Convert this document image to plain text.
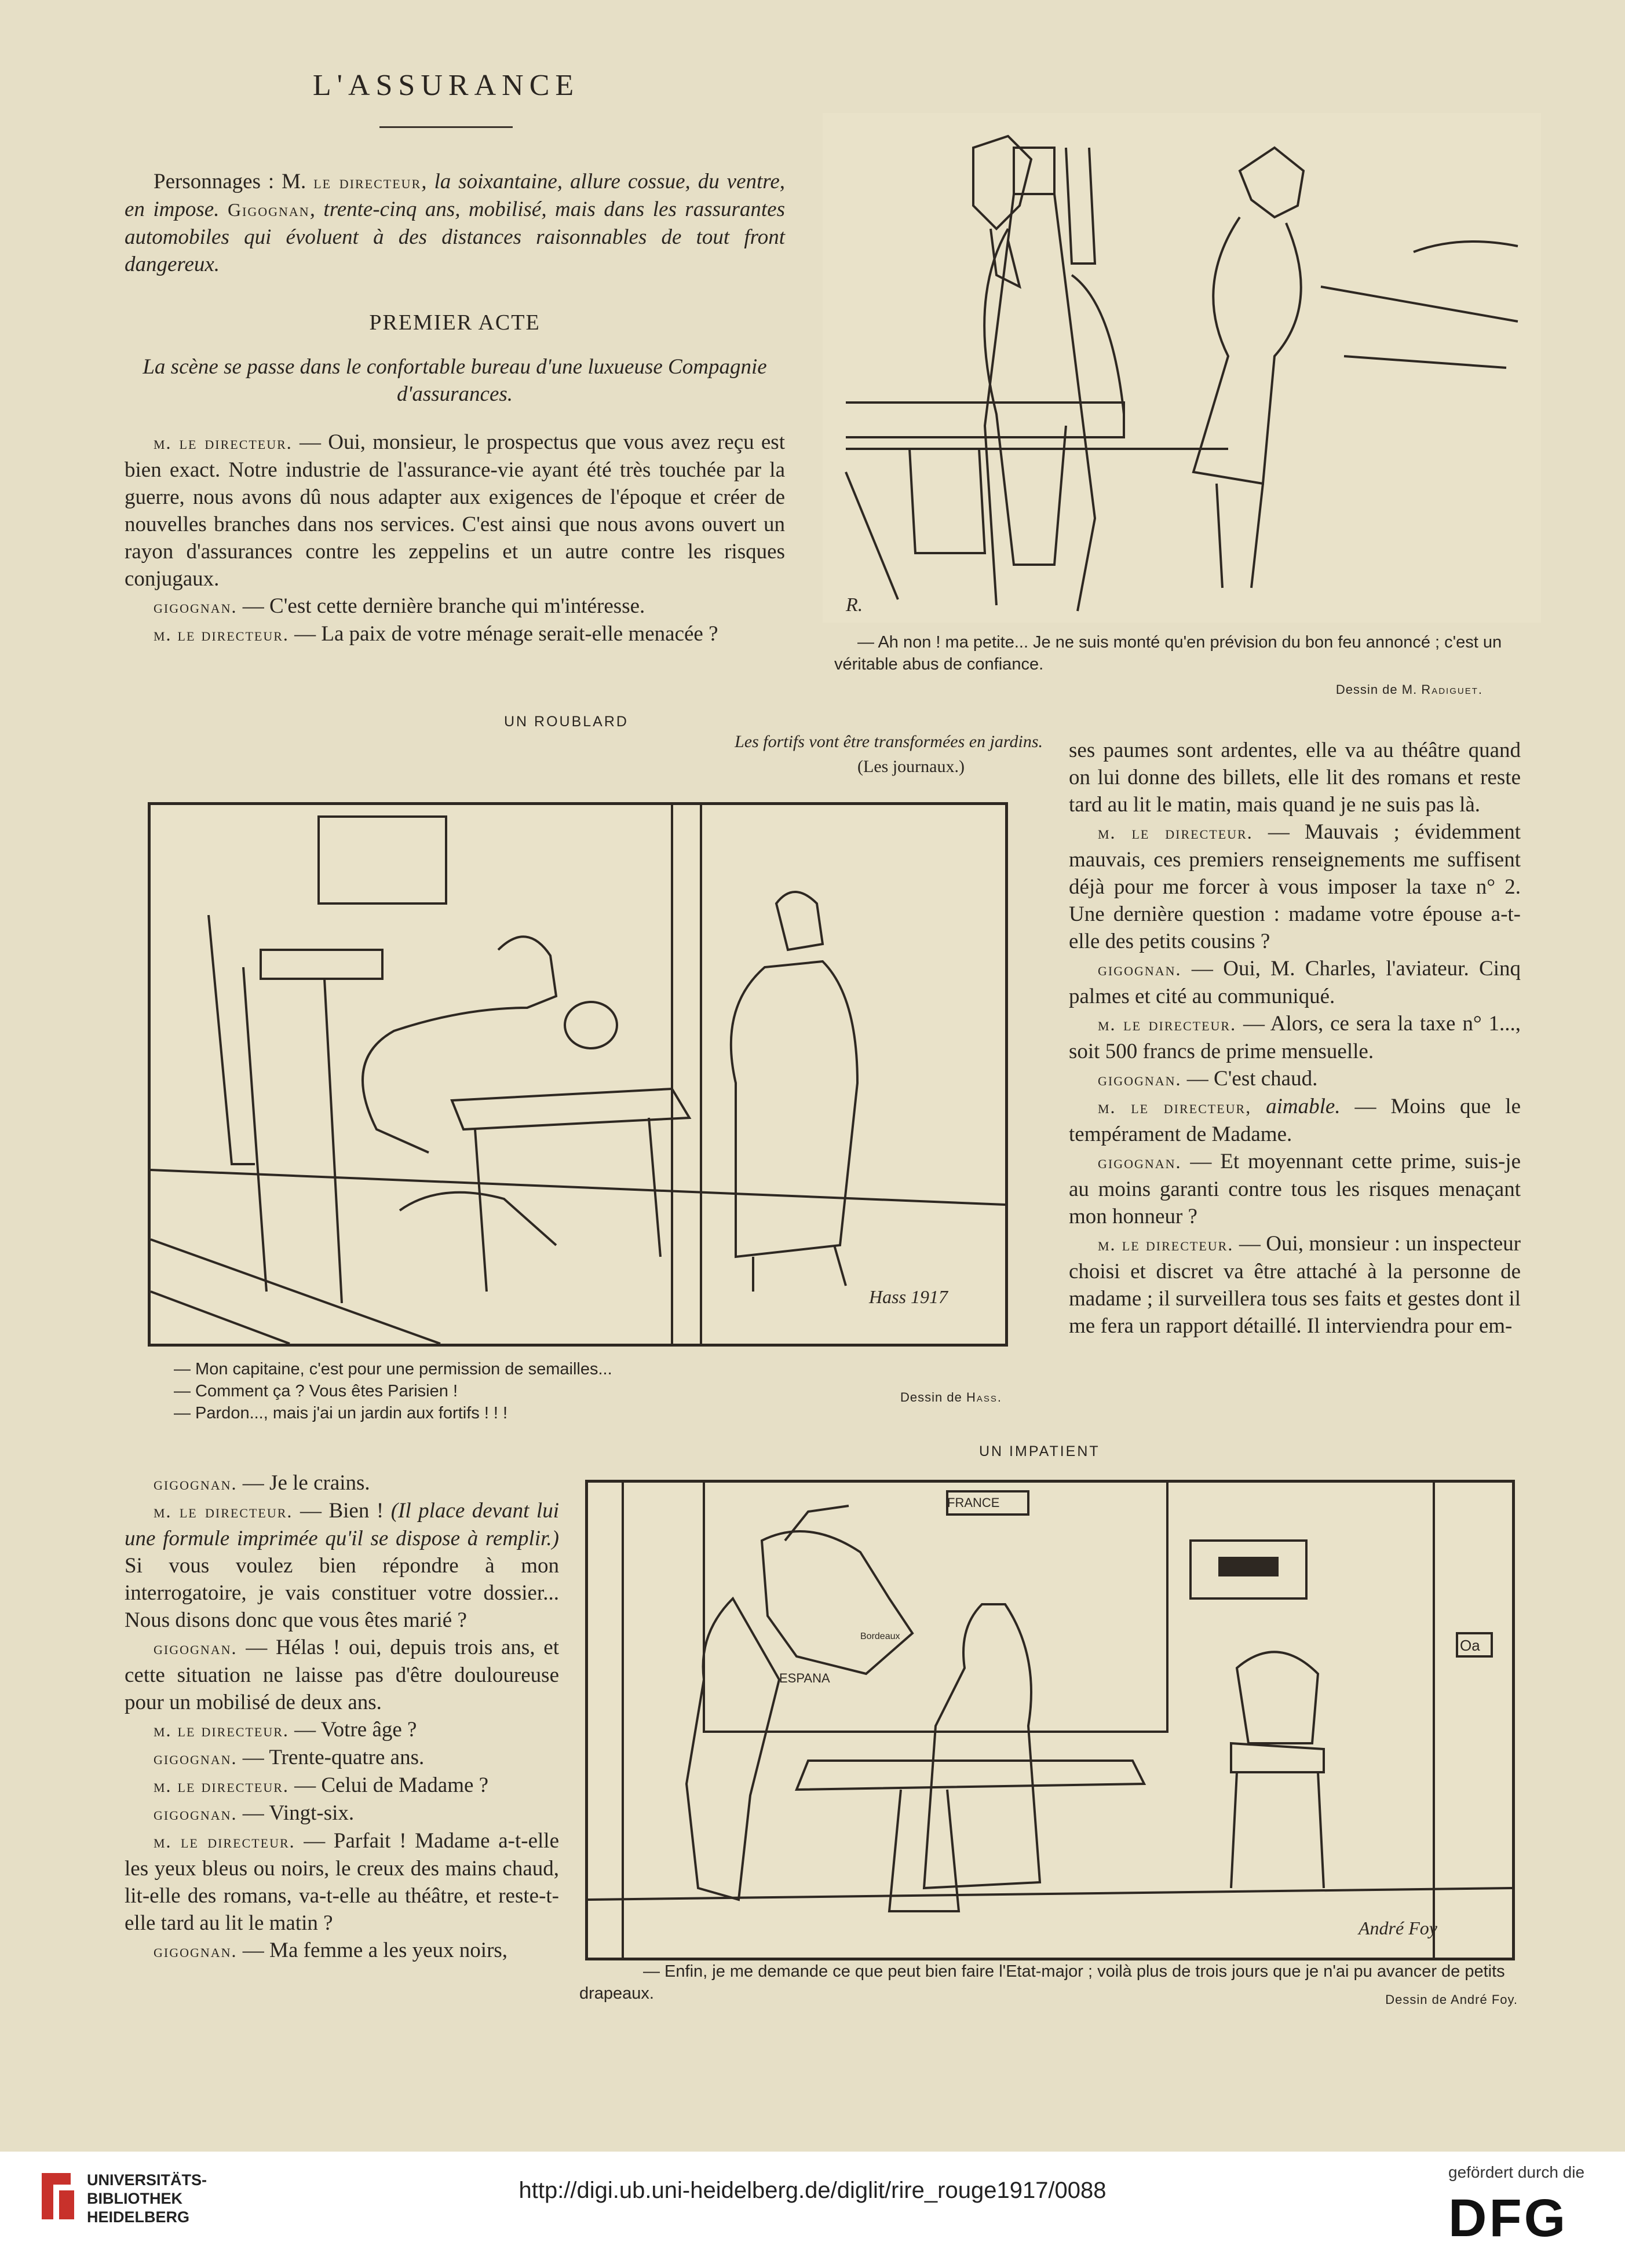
L'ASSURANCE

Personnages : M. le directeur, la soixantaine, allure cossue, du ventre, en impose. Gigognan, trente-cinq ans, mobilisé, mais dans les rassurantes automobiles qui évoluent à des distances raisonnables de tout front dangereux.

PREMIER ACTE
La scène se passe dans le confortable bureau d'une luxueuse Compagnie d'assurances.

m. le directeur. — Oui, monsieur, le prospectus que vous avez reçu est bien exact. Notre industrie de l'assurance-vie ayant été très touchée par la guerre, nous avons dû nous adapter aux exigences de l'époque et créer de nouvelles branches dans nos services. C'est ainsi que nous avons ouvert un rayon d'assurances contre les zeppelins et un autre contre les risques conjugaux.

gigognan. — C'est cette dernière branche qui m'intéresse.

m. le directeur. — La paix de votre ménage serait-elle menacée ?

R.
— Ah non ! ma petite... Je ne suis monté qu'en prévision du bon feu annoncé ; c'est un véritable abus de confiance.
Dessin de M. Radiguet.
UN ROUBLARD
Les fortifs vont être transformées en jardins.
(Les journaux.)
Hass 1917

— Mon capitaine, c'est pour une permission de semailles...

— Comment ça ? Vous êtes Parisien !

— Pardon..., mais j'ai un jardin aux fortifs ! ! !

Dessin de Hass.

ses paumes sont ardentes, elle va au théâtre quand on lui donne des billets, elle lit des romans et reste tard au lit le matin, mais quand je ne suis pas là.

m. le directeur. — Mauvais ; évidemment mauvais, ces premiers renseignements me suffisent déjà pour me forcer à vous imposer la taxe n° 2. Une dernière question : madame votre épouse a-t-elle des petits cousins ?

gigognan. — Oui, M. Charles, l'aviateur. Cinq palmes et cité au communiqué.

m. le directeur. — Alors, ce sera la taxe n° 1..., soit 500 francs de prime mensuelle.

gigognan. — C'est chaud.

m. le directeur, aimable. — Moins que le tempérament de Madame.

gigognan. — Et moyennant cette prime, suis-je au moins garanti contre tous les risques menaçant mon honneur ?

m. le directeur. — Oui, monsieur : un inspecteur choisi et discret va être attaché à la personne de madame ; il surveillera tous ses faits et gestes dont il me fera un rapport détaillé. Il interviendra pour em-

UN IMPATIENT

gigognan. — Je le crains.

m. le directeur. — Bien ! (Il place devant lui une formule imprimée qu'il se dispose à remplir.) Si vous voulez bien répondre à mon interrogatoire, je vais constituer votre dossier... Nous disons donc que vous êtes marié ?

gigognan. — Hélas ! oui, depuis trois ans, et cette situation ne laisse pas d'être douloureuse pour un mobilisé de deux ans.

m. le directeur. — Votre âge ?

gigognan. — Trente-quatre ans.

m. le directeur. — Celui de Madame ?

gigognan. — Vingt-six.

m. le directeur. — Parfait ! Madame a-t-elle les yeux bleus ou noirs, le creux des mains chaud, lit-elle des romans, va-t-elle au théâtre, et reste-t-elle tard au lit le matin ?

gigognan. — Ma femme a les yeux noirs,

FRANCE
ESPANA
Bordeaux
Oa
André Foy
— Enfin, je me demande ce que peut bien faire l'Etat-major ; voilà plus de trois jours que je n'ai pu avancer de petits drapeaux.	Dessin de André Foy.
UNIVERSITÄTS-
BIBLIOTHEK
HEIDELBERG
http://digi.ub.uni-heidelberg.de/diglit/rire_rouge1917/0088
gefördert durch die
DFG
